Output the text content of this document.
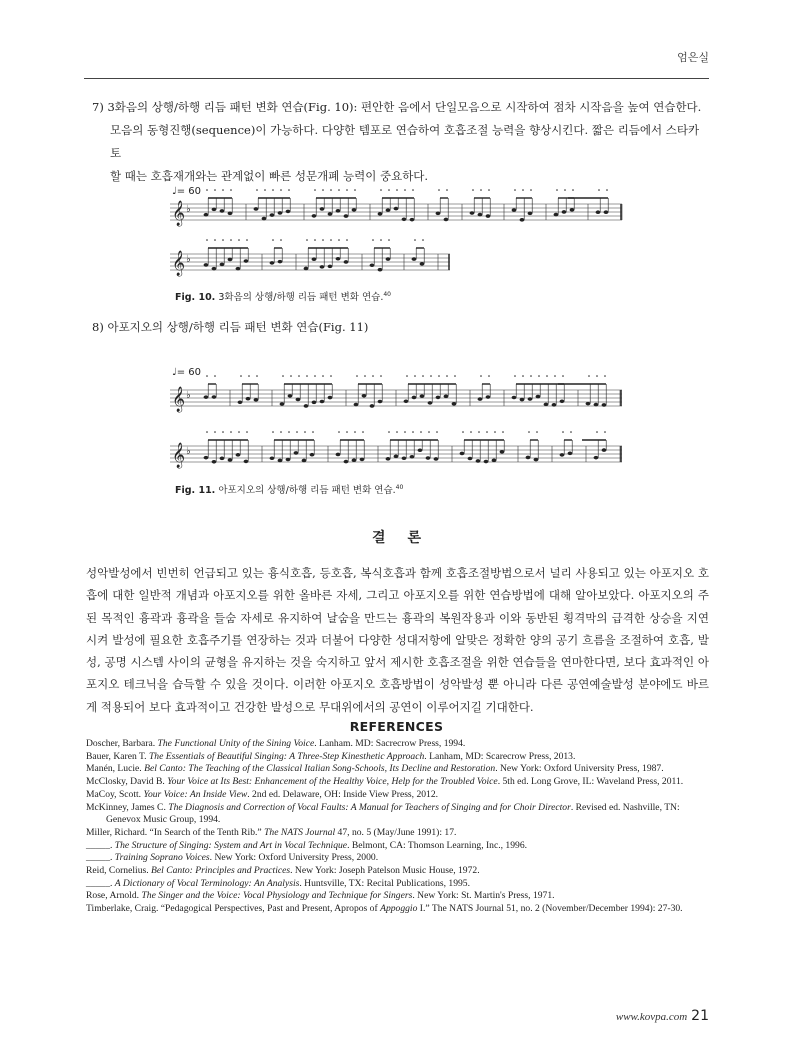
엄은실
7) 3화음의 상행/하행 리듬 패턴 변화 연습(Fig. 10): 편안한 음에서 단일모음으로 시작하여 점차 시작음을 높여 연습한다.
모음의 동형진행(sequence)이 가능하다. 다양한 템포로 연습하여 호흡조절 능력을 향상시킨다. 짧은 리듬에서 스타카토
할 때는 호흡재개와는 관계없이 빠른 성문개폐 능력이 중요하다.
♩= 60
𝄞 ♭
𝄞 ♭
Fig. 10. 3화음의 상행/하행 리듬 패턴 변화 연습.$^{40}$
8) 아포지오의 상행/하행 리듬 패턴 변화 연습(Fig. 11)
♩= 60
𝄞 ♭
𝄞 ♭
Fig. 11. 아포지오의 상행/하행 리듬 패턴 변화 연습.$^{40}$
결론
성악발성에서 빈번히 언급되고 있는 흉식호흡, 등호흡, 복식호흡과 함께 호흡조절방법으로서 널리 사용되고 있는 아포지오 호흡에 대한 일반적 개념과 아포지오를 위한 올바른 자세, 그리고 아포지오를 위한 연습방법에 대해 알아보았다. 아포지오의 주된 목적인 흉곽과 흉곽을 들숨 자세로 유지하여 날숨을 만드는 흉곽의 복원작용과 이와 동반된 횡격막의 급격한 상승을 지연시켜 발성에 필요한 호흡주기를 연장하는 것과 더불어 다양한 성대저항에 알맞은 정확한 양의 공기 흐름을 조절하여 호흡, 발성, 공명 시스템 사이의 균형을 유지하는 것을 숙지하고 앞서 제시한 호흡조절을 위한 연습들을 연마한다면, 보다 효과적인 아포지오 테크닉을 습득할 수 있을 것이다. 이러한 아포지오 호흡방법이 성악발성 뿐 아니라 다른 공연예술발성 분야에도 바르게 적용되어 보다 효과적이고 건강한 발성으로 무대위에서의 공연이 이루어지길 기대한다.
REFERENCES
Doscher, Barbara. The Functional Unity of the Sining Voice. Lanham. MD: Sacrecrow Press, 1994.
Bauer, Karen T. The Essentials of Beautiful Singing: A Three-Step Kinesthetic Approach. Lanham, MD: Scarecrow Press, 2013.
Manén, Lucie. Bel Canto: The Teaching of the Classical Italian Song-Schools, Its Decline and Restoration. New York: Oxford University Press, 1987.
McClosky, David B. Your Voice at Its Best: Enhancement of the Healthy Voice, Help for the Troubled Voice. 5th ed. Long Grove, IL: Waveland Press, 2011.
MaCoy, Scott. Your Voice: An Inside View. 2nd ed. Delaware, OH: Inside View Press, 2012.
McKinney, James C. The Diagnosis and Correction of Vocal Faults: A Manual for Teachers of Singing and for Choir Director. Revised ed. Nashville, TN: Genevox Music Group, 1994.
Miller, Richard. “In Search of the Tenth Rib.” The NATS Journal 47, no. 5 (May/June 1991): 17.
_____. The Structure of Singing: System and Art in Vocal Technique. Belmont, CA: Thomson Learning, Inc., 1996.
_____. Training Soprano Voices. New York: Oxford University Press, 2000.
Reid, Cornelius. Bel Canto: Principles and Practices. New York: Joseph Patelson Music House, 1972.
_____. A Dictionary of Vocal Terminology: An Analysis. Huntsville, TX: Recital Publications, 1995.
Rose, Arnold. The Singer and the Voice: Vocal Physiology and Technique for Singers. New York: St. Martin's Press, 1971.
Timberlake, Craig. “Pedagogical Perspectives, Past and Present, Apropos of Appoggio I.” The NATS Journal 51, no. 2 (November/December 1994): 27-30.
www.kovpa.com 21
